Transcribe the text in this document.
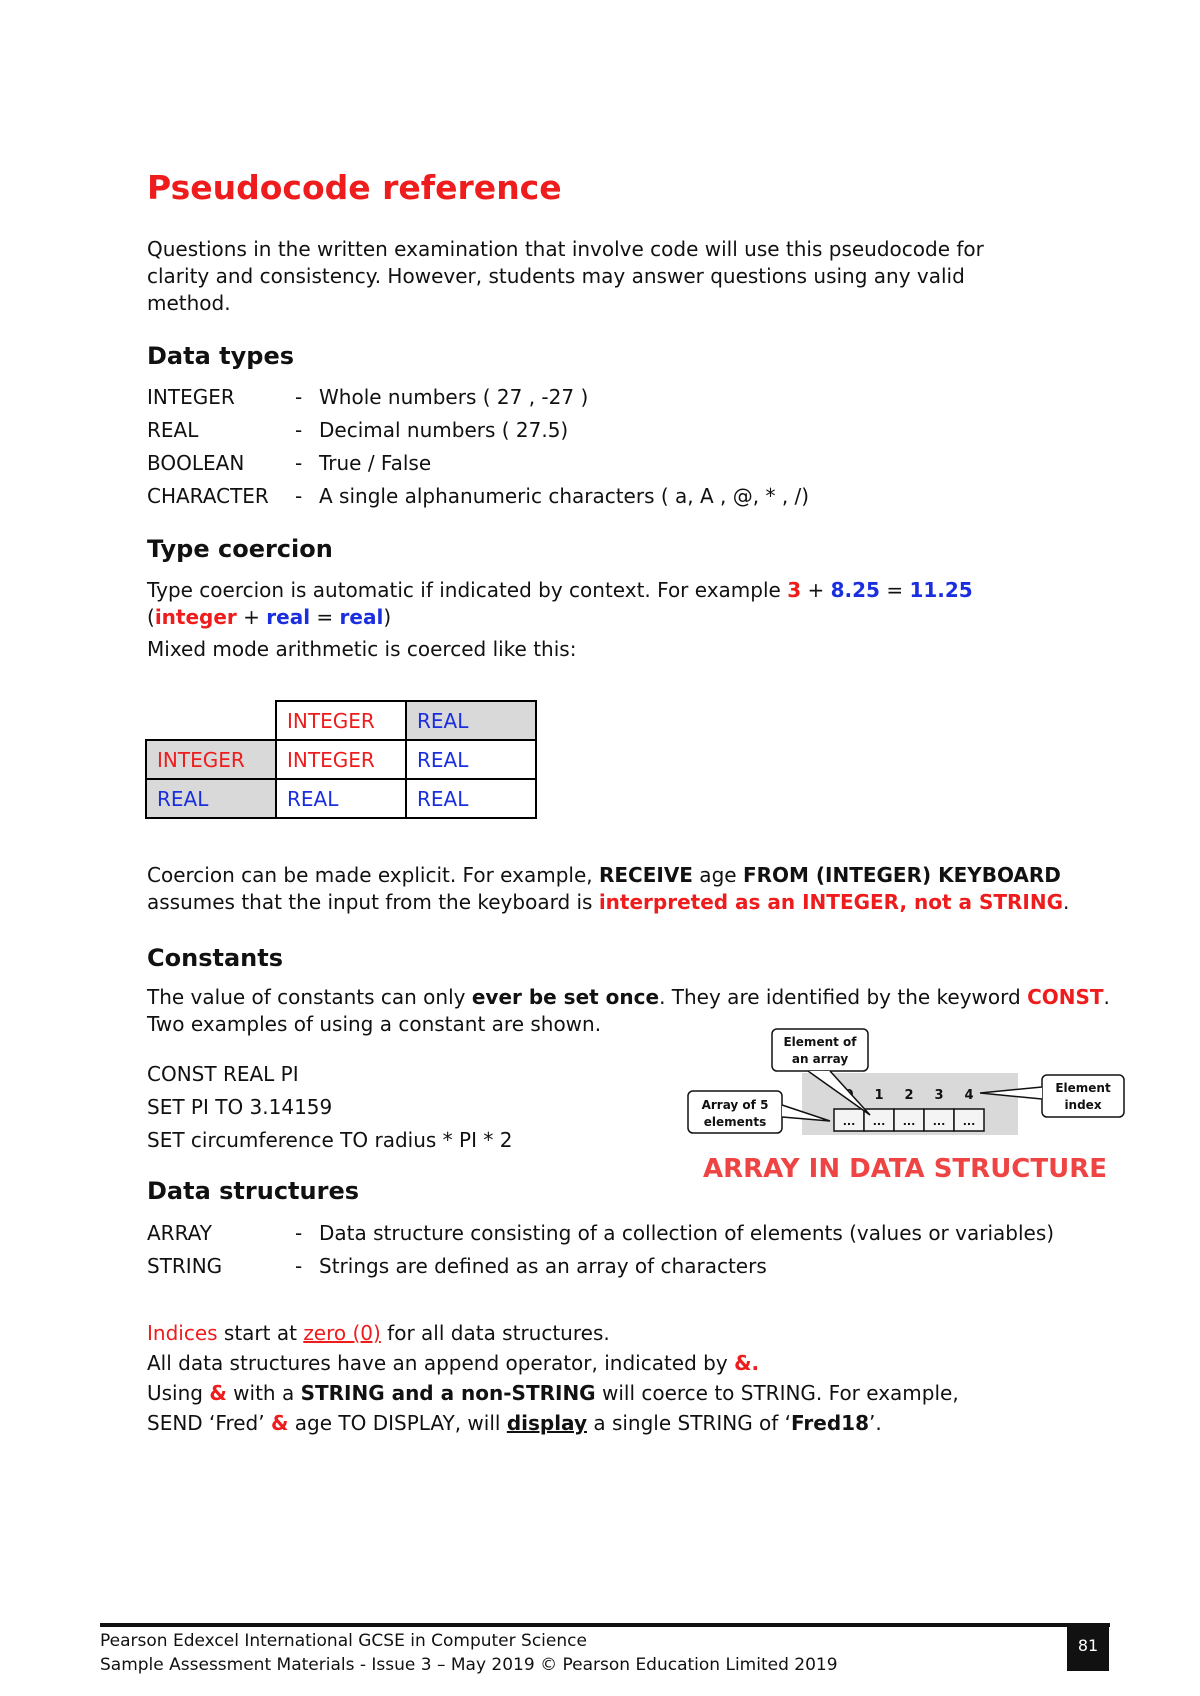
Pseudocode reference
Questions in the written examination that involve code will use this pseudocode for
clarity and consistency. However, students may answer questions using any valid
method.
Data types
INTEGER	- Whole numbers ( 27 , -27 )
REAL	- Decimal numbers ( 27.5)
BOOLEAN	- True / False
CHARACTER - A single alphanumeric characters ( a, A , @, * , /)
Type coercion
Type coercion is automatic if indicated by context. For example 3 + 8.25 = 11.25
(integer + real = real)
Mixed mode arithmetic is coerced like this:
	INTEGER	REAL
INTEGER	INTEGER	REAL
REAL	REAL	REAL
Coercion can be made explicit. For example, RECEIVE age FROM (INTEGER) KEYBOARD
assumes that the input from the keyboard is interpreted as an INTEGER, not a STRING.
Constants
The value of constants can only ever be set once. They are identified by the keyword CONST.
Two examples of using a constant are shown.
CONST REAL PI
SET PI TO 3.14159
SET circumference TO radius * PI * 2
1 2 3 4
... ... ... ... ...
Element of
an array
Array of 5
elements
Element
index
ARRAY IN DATA STRUCTURE
Data structures
ARRAY	- Data structure consisting of a collection of elements (values or variables)
STRING	- Strings are defined as an array of characters
Indices start at zero (0) for all data structures.
All data structures have an append operator, indicated by &.
Using & with a STRING and a non-STRING will coerce to STRING. For example,
SEND ‘Fred’ & age TO DISPLAY, will display a single STRING of ‘Fred18’.
Pearson Edexcel International GCSE in Computer Science
Sample Assessment Materials - Issue 3 – May 2019 © Pearson Education Limited 2019
81
